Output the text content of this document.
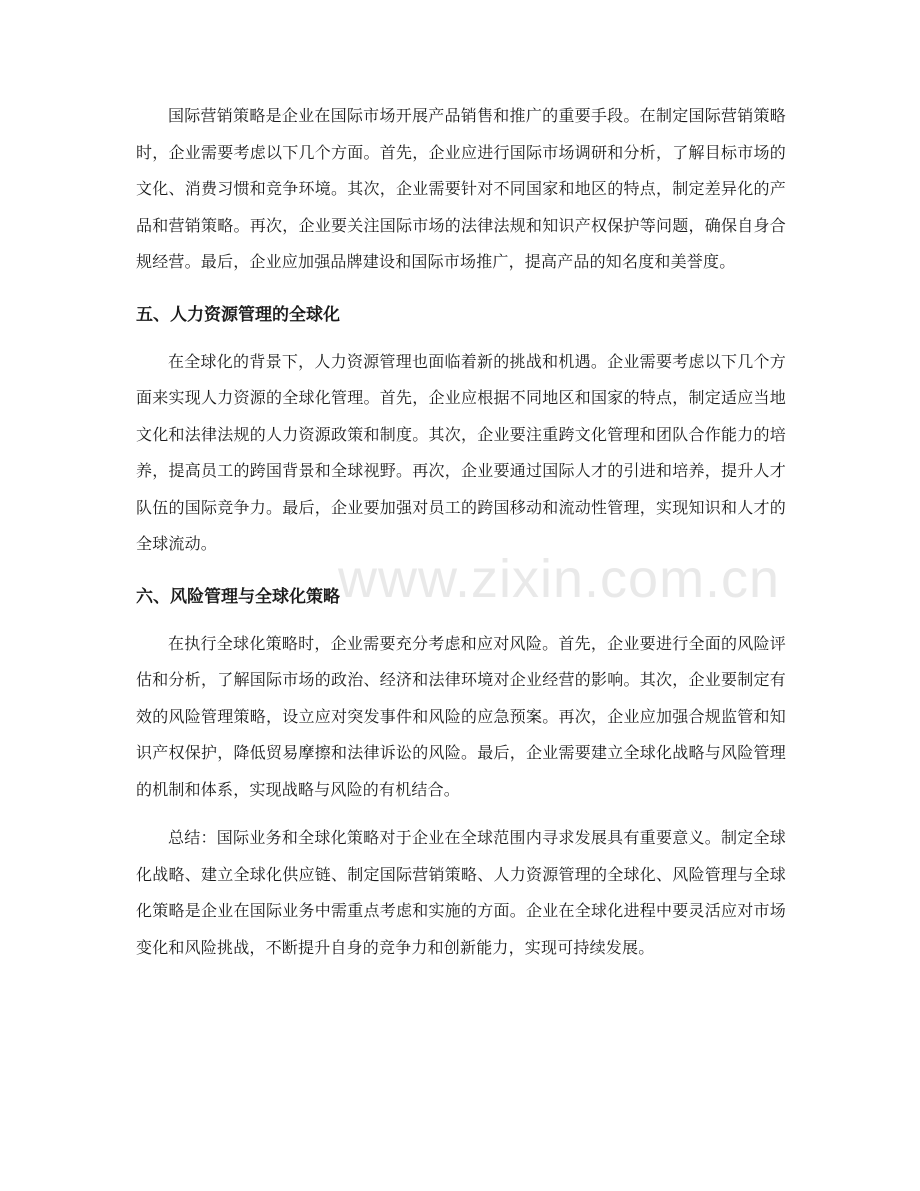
www.zixin.com.cn

国际营销策略是企业在国际市场开展产品销售和推广的重要手段。在制定国际营销策略时，企业需要考虑以下几个方面。首先，企业应进行国际市场调研和分析，了解目标市场的文化、消费习惯和竞争环境。其次，企业需要针对不同国家和地区的特点，制定差异化的产品和营销策略。再次，企业要关注国际市场的法律法规和知识产权保护等问题，确保自身合规经营。最后，企业应加强品牌建设和国际市场推广，提高产品的知名度和美誉度。

五、人力资源管理的全球化

在全球化的背景下，人力资源管理也面临着新的挑战和机遇。企业需要考虑以下几个方面来实现人力资源的全球化管理。首先，企业应根据不同地区和国家的特点，制定适应当地文化和法律法规的人力资源政策和制度。其次，企业要注重跨文化管理和团队合作能力的培养，提高员工的跨国背景和全球视野。再次，企业要通过国际人才的引进和培养，提升人才队伍的国际竞争力。最后，企业要加强对员工的跨国移动和流动性管理，实现知识和人才的全球流动。

六、风险管理与全球化策略

在执行全球化策略时，企业需要充分考虑和应对风险。首先，企业要进行全面的风险评估和分析，了解国际市场的政治、经济和法律环境对企业经营的影响。其次，企业要制定有效的风险管理策略，设立应对突发事件和风险的应急预案。再次，企业应加强合规监管和知识产权保护，降低贸易摩擦和法律诉讼的风险。最后，企业需要建立全球化战略与风险管理的机制和体系，实现战略与风险的有机结合。

总结：国际业务和全球化策略对于企业在全球范围内寻求发展具有重要意义。制定全球化战略、建立全球化供应链、制定国际营销策略、人力资源管理的全球化、风险管理与全球化策略是企业在国际业务中需重点考虑和实施的方面。企业在全球化进程中要灵活应对市场变化和风险挑战，不断提升自身的竞争力和创新能力，实现可持续发展。
